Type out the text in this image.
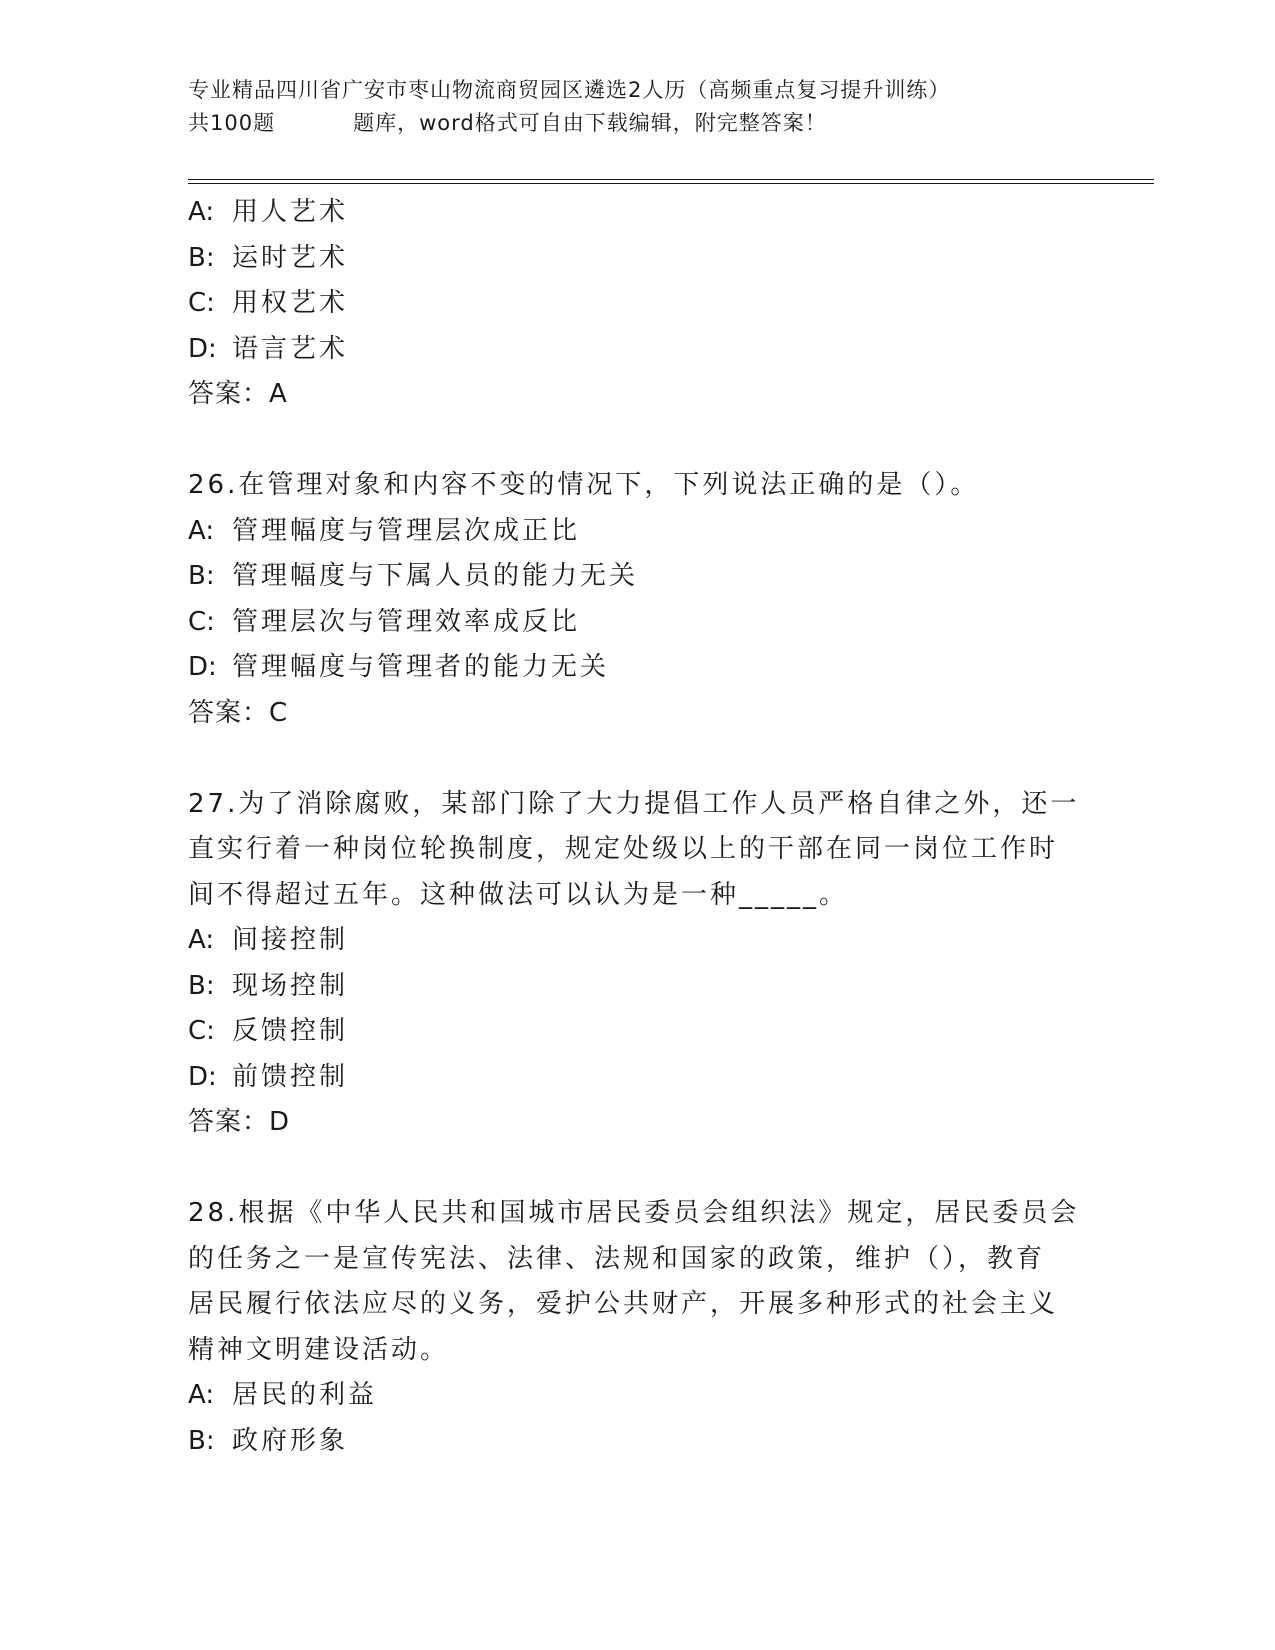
专业精品四川省广安市枣山物流商贸园区遴选2人历（高频重点复习提升训练）
共100题	题库，word格式可自由下载编辑，附完整答案！
A: 用人艺术
B: 运时艺术
C: 用权艺术
D: 语言艺术
答案：A
26.在管理对象和内容不变的情况下，下列说法正确的是（）。
A: 管理幅度与管理层次成正比
B: 管理幅度与下属人员的能力无关
C: 管理层次与管理效率成反比
D: 管理幅度与管理者的能力无关
答案：C
27.为了消除腐败，某部门除了大力提倡工作人员严格自律之外，还一
直实行着一种岗位轮换制度，规定处级以上的干部在同一岗位工作时
间不得超过五年。这种做法可以认为是一种_____。
A: 间接控制
B: 现场控制
C: 反馈控制
D: 前馈控制
答案：D
28.根据《中华人民共和国城市居民委员会组织法》规定，居民委员会
的任务之一是宣传宪法、法律、法规和国家的政策，维护（），教育
居民履行依法应尽的义务，爱护公共财产，开展多种形式的社会主义
精神文明建设活动。
A: 居民的利益
B: 政府形象
